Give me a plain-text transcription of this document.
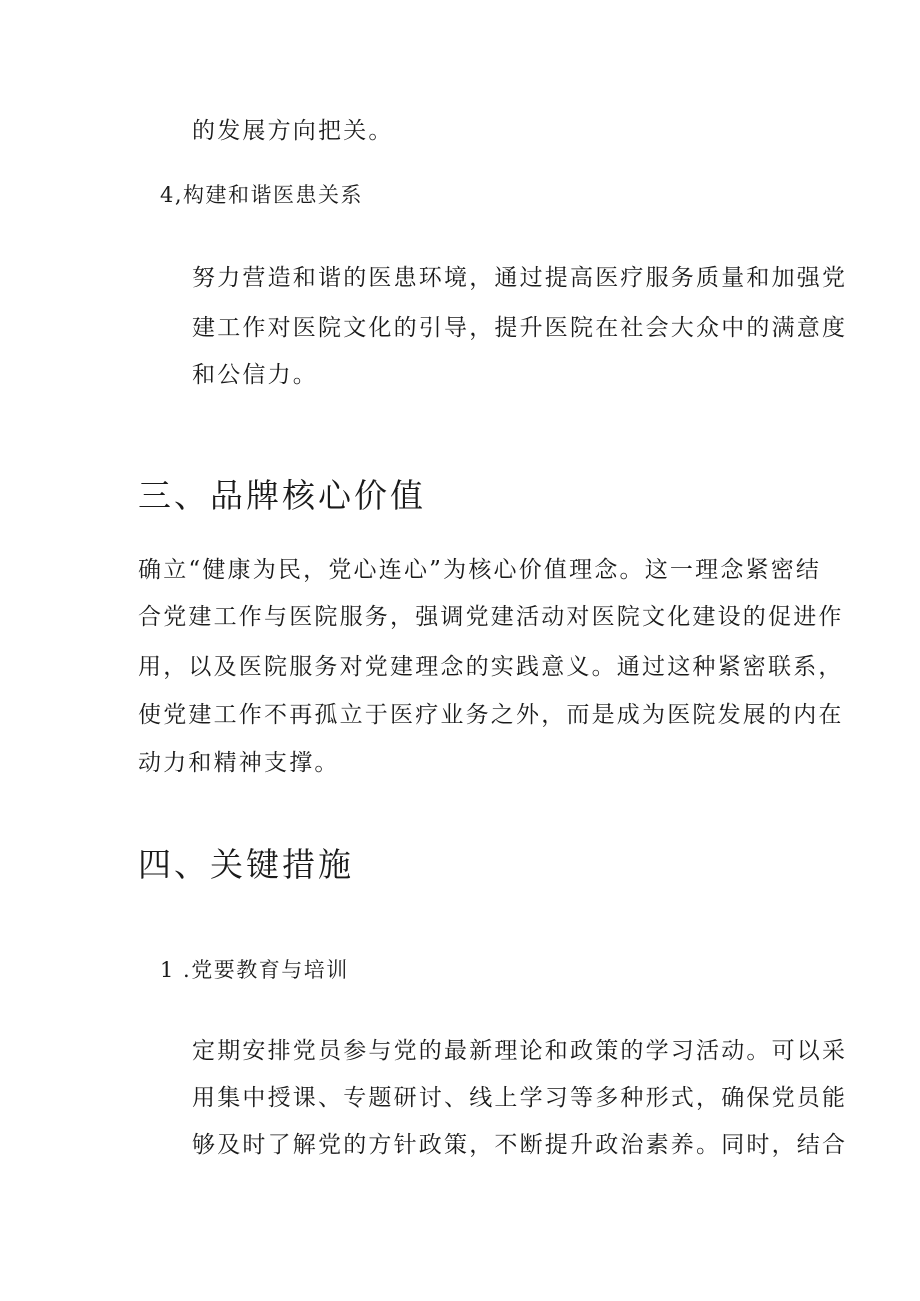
的发展方向把关。
4,构建和谐医患关系
努力营造和谐的医患环境，通过提高医疗服务质量和加强党
建工作对医院文化的引导，提升医院在社会大众中的满意度
和公信力。
三、品牌核心价值
确立“健康为民，党心连心”为核心价值理念。这一理念紧密结
合党建工作与医院服务，强调党建活动对医院文化建设的促进作
用，以及医院服务对党建理念的实践意义。通过这种紧密联系，
使党建工作不再孤立于医疗业务之外，而是成为医院发展的内在
动力和精神支撑。
四、关键措施
1 .党要教育与培训
定期安排党员参与党的最新理论和政策的学习活动。可以采
用集中授课、专题研讨、线上学习等多种形式，确保党员能
够及时了解党的方针政策，不断提升政治素养。同时，结合
